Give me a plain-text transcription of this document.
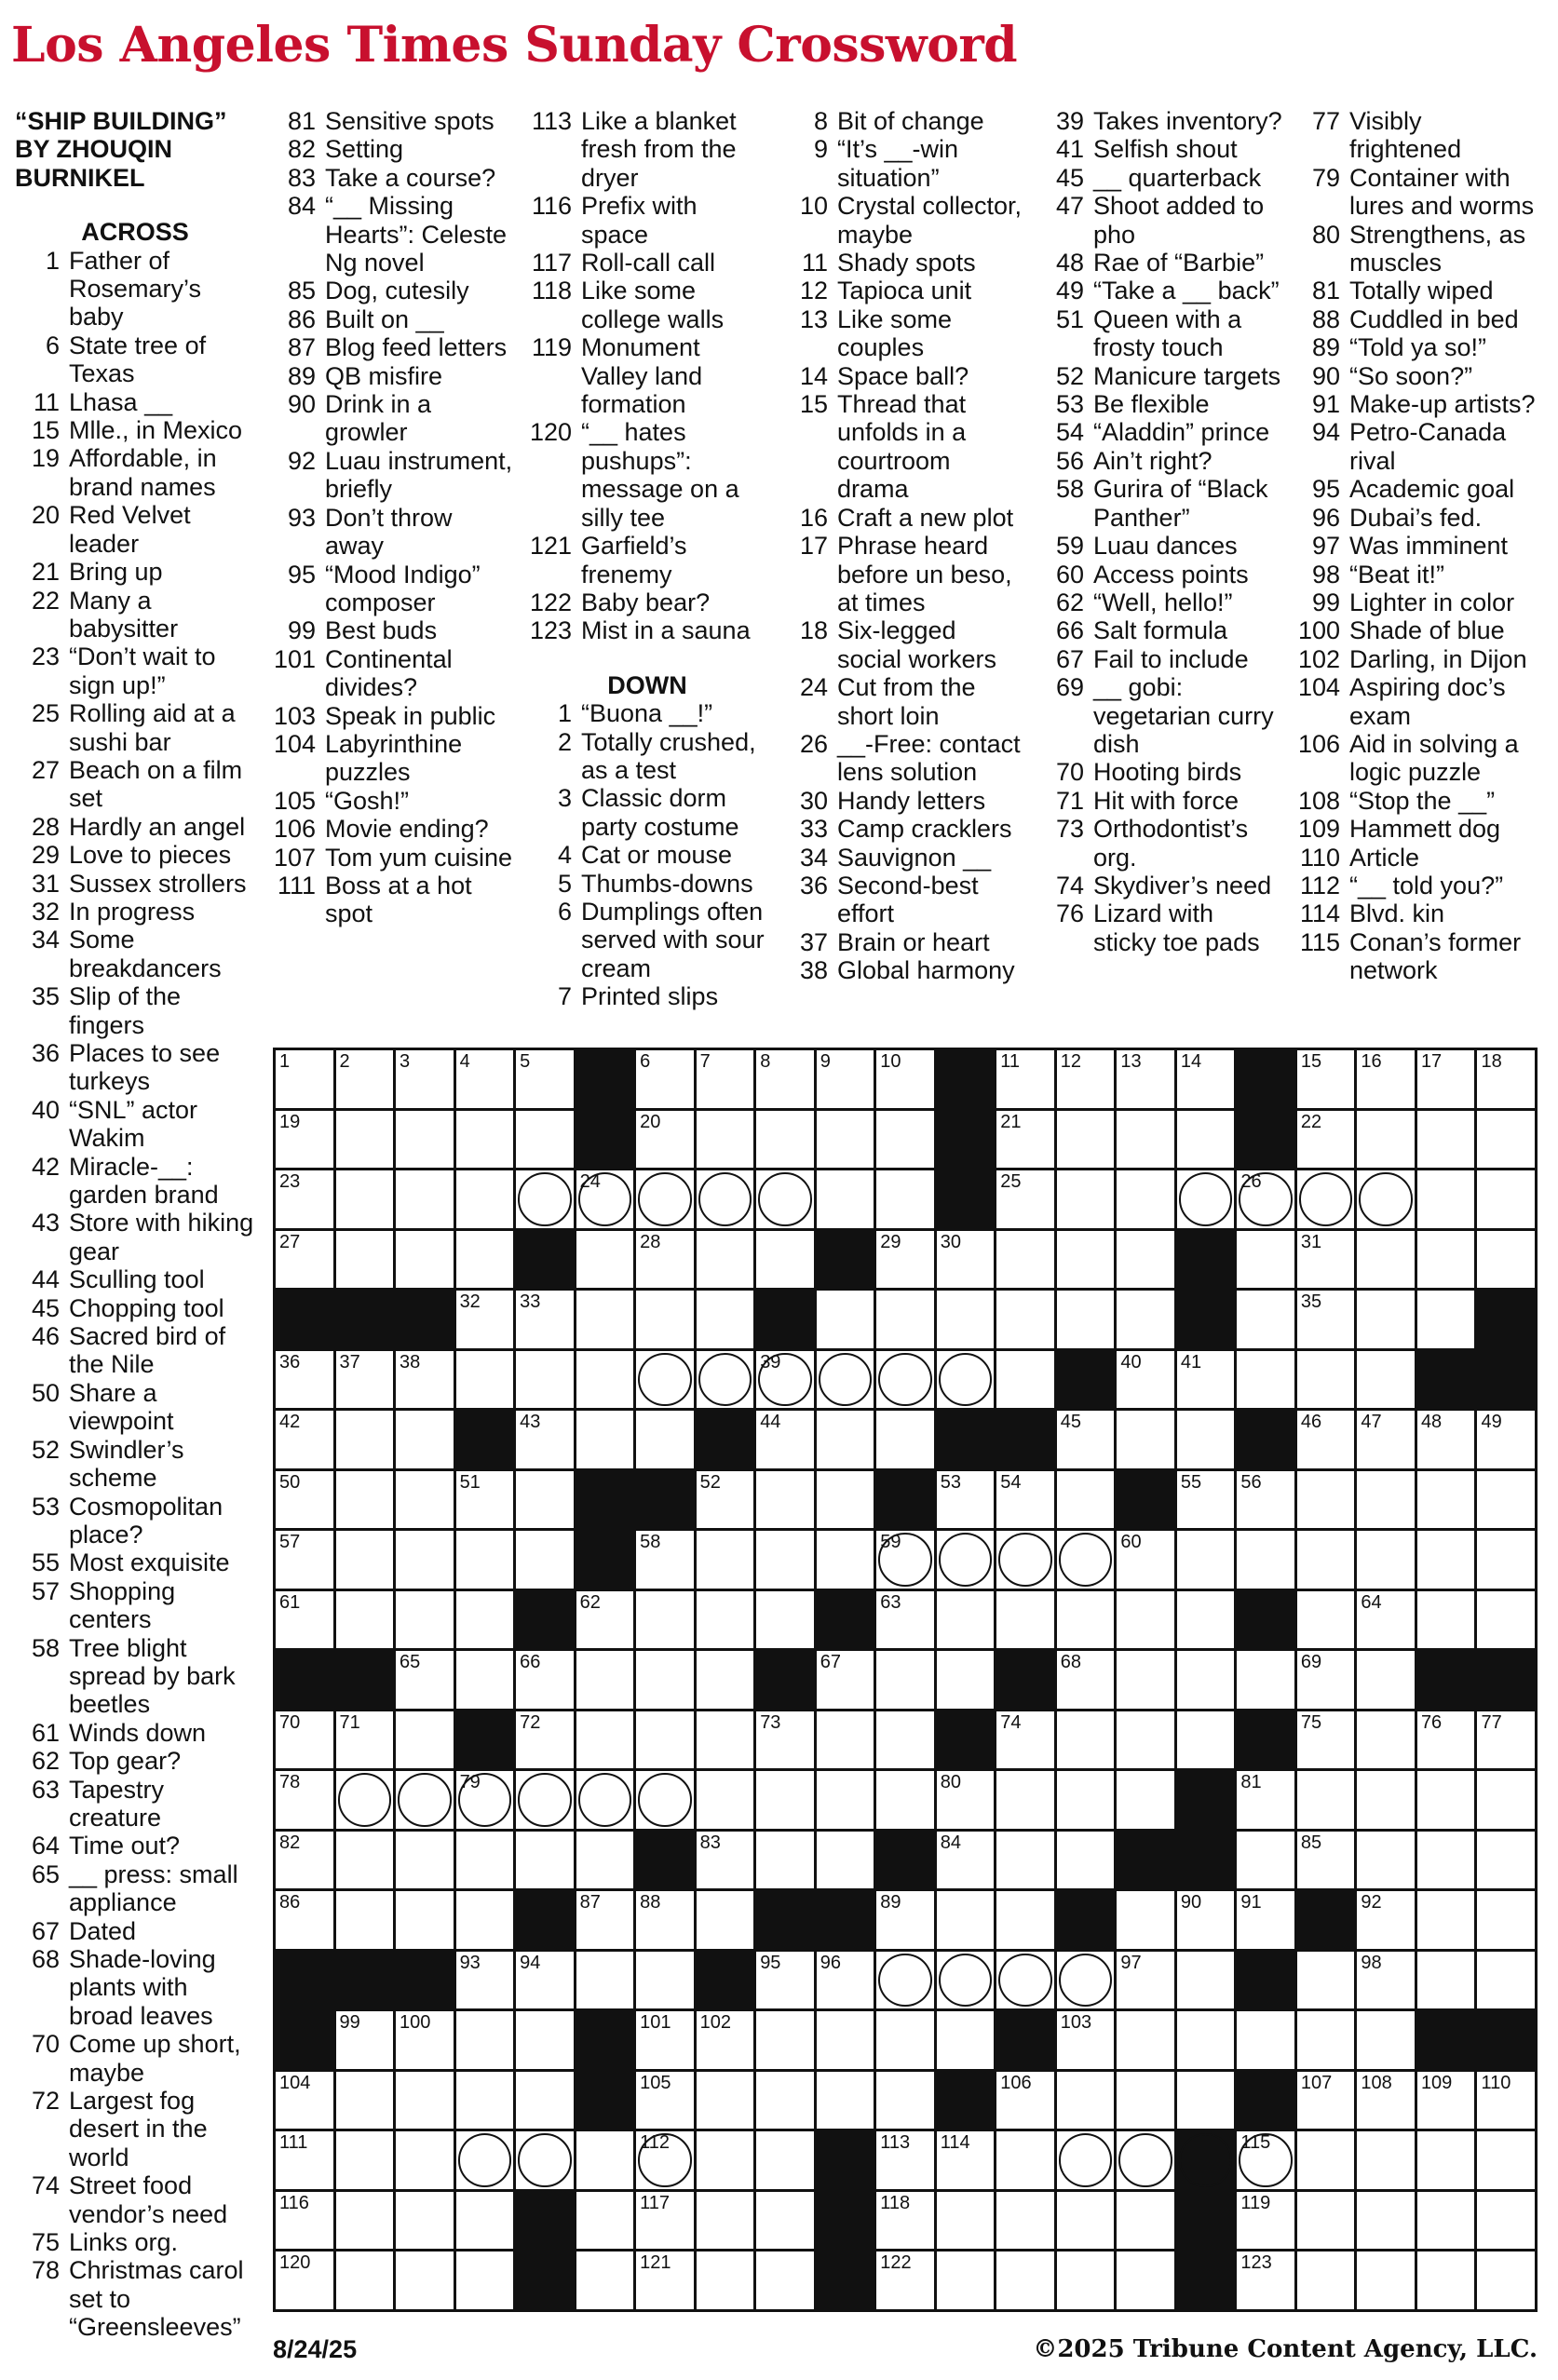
Los Angeles Times Sunday Crossword
“SHIP BUILDING”
BY ZHOUQIN
BURNIKEL
ACROSS
1 Father of Rosemary’s baby
6 State tree of Texas
11 Lhasa __
15 Mlle., in Mexico
19 Affordable, in brand names
20 Red Velvet leader
21 Bring up
22 Many a babysitter
23 “Don’t wait to sign up!”
25 Rolling aid at a sushi bar
27 Beach on a film set
28 Hardly an angel
29 Love to pieces
31 Sussex strollers
32 In progress
34 Some breakdancers
35 Slip of the fingers
36 Places to see turkeys
40 “SNL” actor Wakim
42 Miracle-__: garden brand
43 Store with hiking gear
44 Sculling tool
45 Chopping tool
46 Sacred bird of the Nile
50 Share a viewpoint
52 Swindler’s scheme
53 Cosmopolitan place?
55 Most exquisite
57 Shopping centers
58 Tree blight spread by bark beetles
61 Winds down
62 Top gear?
63 Tapestry creature
64 Time out?
65 __ press: small appliance
67 Dated
68 Shade-loving plants with broad leaves
70 Come up short, maybe
72 Largest fog desert in the world
74 Street food vendor’s need
75 Links org.
78 Christmas carol set to “Greensleeves”
81 Sensitive spots
82 Setting
83 Take a course?
84 “__ Missing Hearts”: Celeste Ng novel
85 Dog, cutesily
86 Built on __
87 Blog feed letters
89 QB misfire
90 Drink in a growler
92 Luau instrument, briefly
93 Don’t throw away
95 “Mood Indigo” composer
99 Best buds
101 Continental divides?
103 Speak in public
104 Labyrinthine puzzles
105 “Gosh!”
106 Movie ending?
107 Tom yum cuisine
111 Boss at a hot spot
113 Like a blanket fresh from the dryer
116 Prefix with space
117 Roll-call call
118 Like some college walls
119 Monument Valley land formation
120 “__ hates pushups”: message on a silly tee
121 Garfield’s frenemy
122 Baby bear?
123 Mist in a sauna
DOWN
1 “Buona __!”
2 Totally crushed, as a test
3 Classic dorm party costume
4 Cat or mouse
5 Thumbs-downs
6 Dumplings often served with sour cream
7 Printed slips
8 Bit of change
9 “It’s __-win situation”
10 Crystal collector, maybe
11 Shady spots
12 Tapioca unit
13 Like some couples
14 Space ball?
15 Thread that unfolds in a courtroom drama
16 Craft a new plot
17 Phrase heard before un beso, at times
18 Six-legged social workers
24 Cut from the short loin
26 __-Free: contact lens solution
30 Handy letters
33 Camp cracklers
34 Sauvignon __
36 Second-best effort
37 Brain or heart
38 Global harmony
39 Takes inventory?
41 Selfish shout
45 __ quarterback
47 Shoot added to pho
48 Rae of “Barbie”
49 “Take a __ back”
51 Queen with a frosty touch
52 Manicure targets
53 Be flexible
54 “Aladdin” prince
56 Ain’t right?
58 Gurira of “Black Panther”
59 Luau dances
60 Access points
62 “Well, hello!”
66 Salt formula
67 Fail to include
69 __ gobi: vegetarian curry dish
70 Hooting birds
71 Hit with force
73 Orthodontist’s org.
74 Skydiver’s need
76 Lizard with sticky toe pads
77 Visibly frightened
79 Container with lures and worms
80 Strengthens, as muscles
81 Totally wiped
88 Cuddled in bed
89 “Told ya so!”
90 “So soon?”
91 Make-up artists?
94 Petro-Canada rival
95 Academic goal
96 Dubai’s fed.
97 Was imminent
98 “Beat it!”
99 Lighter in color
100 Shade of blue
102 Darling, in Dijon
104 Aspiring doc’s exam
106 Aid in solving a logic puzzle
108 “Stop the __”
109 Hammett dog
110 Article
112 “__ told you?”
114 Blvd. kin
115 Conan’s former network
1	2	3	4	5	6	7	8	9	10	11 12 13 14	15 16 17 18
19	20	21	22
23	24	25	26
27	28	29 30	31
32 33	35
36 37 38	39	40 41
42	43	44	45	46 47 48 49
50	51	52	53 54	55 56
57	58	59	60
61	62	63	64
65	66	67	68	69
70 71	72	73	74	75	76 77
78	79	80	81
82	83	84	85
86	87 88	89	90 91	92
93 94	95 96	97	98
99 100	101 102	103
104	105	106	107 108 109 110
111	112	113 114	115
116	117	118	119
120	121	122	123
8/24/25	©2025 Tribune Content Agency, LLC.
